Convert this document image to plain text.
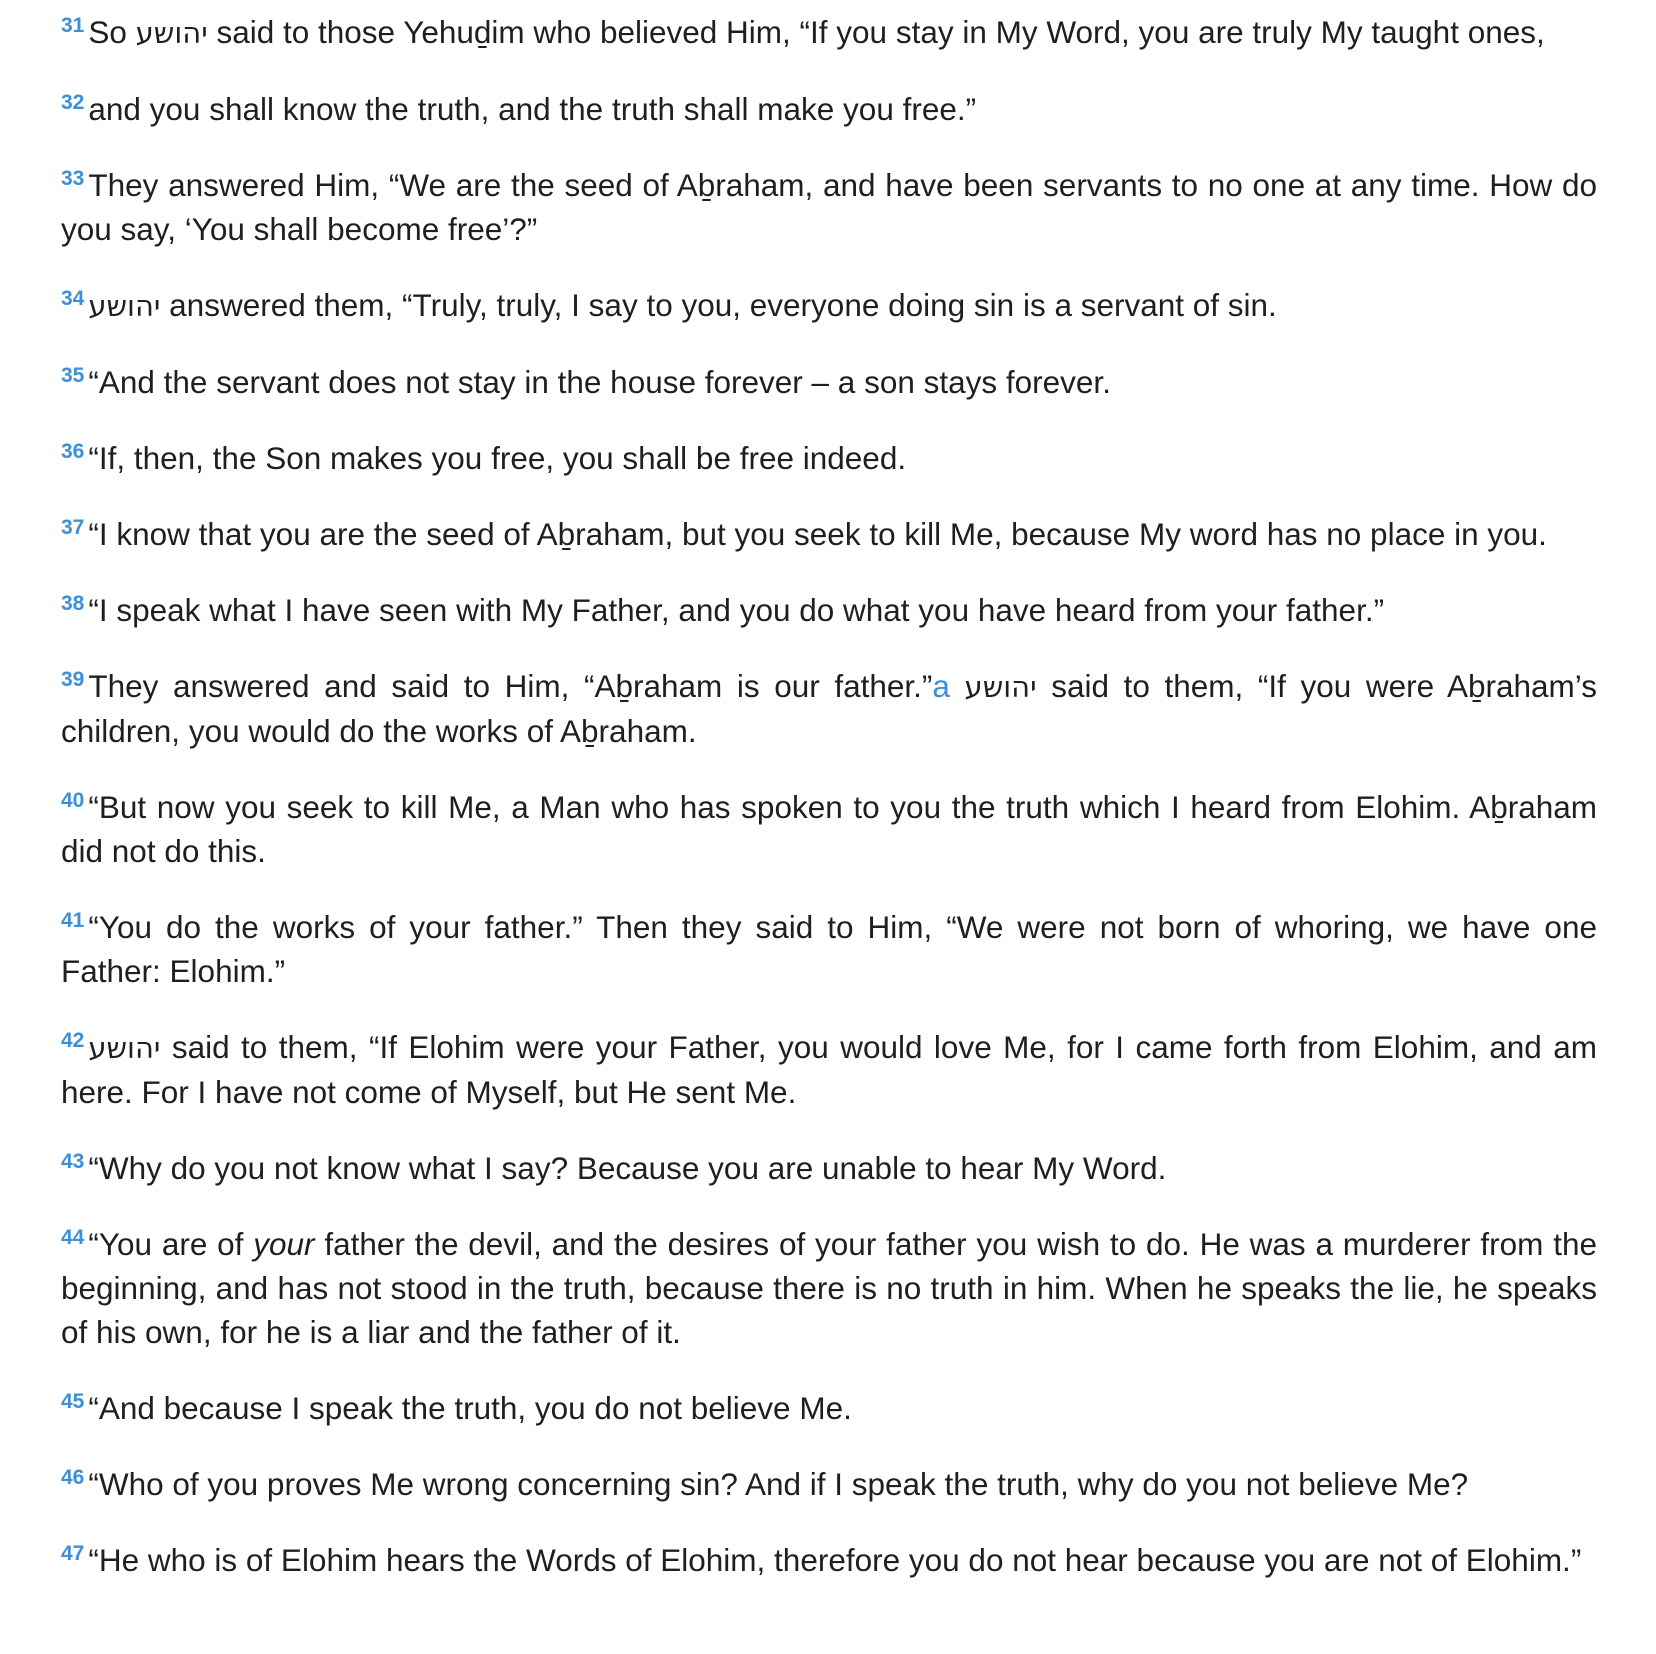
$^{31}$ So יהושע said to those Yehuḏim who believed Him, “If you stay in My Word, you are truly My taught ones,

$^{32}$ and you shall know the truth, and the truth shall make you free.”

$^{33}$ They answered Him, “We are the seed of Aḇraham, and have been servants to no one at any time. How do you say, ‘You shall become free’?”

$^{34}$ יהושע answered them, “Truly, truly, I say to you, everyone doing sin is a servant of sin.

$^{35}$ “And the servant does not stay in the house forever – a son stays forever.

$^{36}$ “If, then, the Son makes you free, you shall be free indeed.

$^{37}$ “I know that you are the seed of Aḇraham, but you seek to kill Me, because My word has no place in you.

$^{38}$ “I speak what I have seen with My Father, and you do what you have heard from your father.”

$^{39}$ They answered and said to Him, “Aḇraham is our father.”a יהושע said to them, “If you were Aḇraham’s children, you would do the works of Aḇraham.

$^{40}$ “But now you seek to kill Me, a Man who has spoken to you the truth which I heard from Elohim. Aḇraham did not do this.

$^{41}$ “You do the works of your father.” Then they said to Him, “We were not born of whoring, we have one Father: Elohim.”

$^{42}$ יהושע said to them, “If Elohim were your Father, you would love Me, for I came forth from Elohim, and am here. For I have not come of Myself, but He sent Me.

$^{43}$ “Why do you not know what I say? Because you are unable to hear My Word.

$^{44}$ “You are of your father the devil, and the desires of your father you wish to do. He was a murderer from the beginning, and has not stood in the truth, because there is no truth in him. When he speaks the lie, he speaks of his own, for he is a liar and the father of it.

$^{45}$ “And because I speak the truth, you do not believe Me.

$^{46}$ “Who of you proves Me wrong concerning sin? And if I speak the truth, why do you not believe Me?

$^{47}$ “He who is of Elohim hears the Words of Elohim, therefore you do not hear because you are not of Elohim.”
